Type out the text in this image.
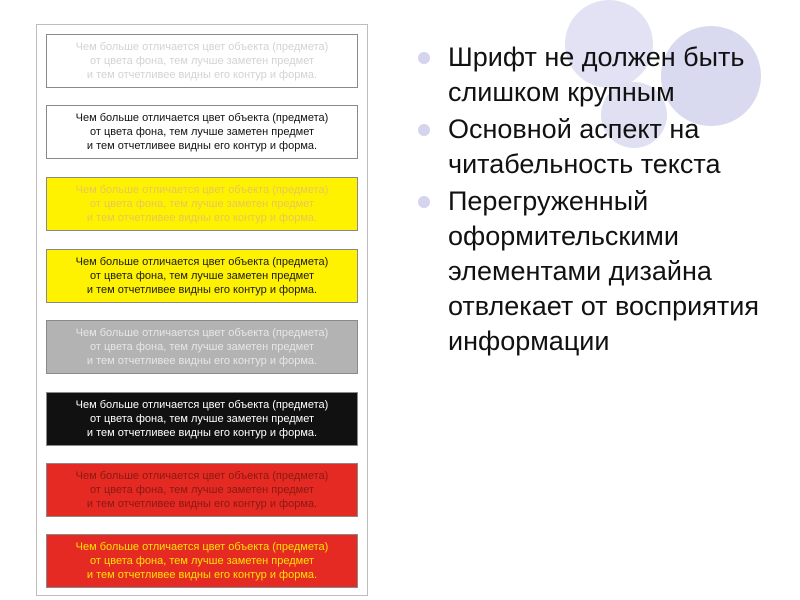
Чем больше отличается цвет объекта (предмета)
от цвета фона, тем лучше заметен предмет
и тем отчетливее видны его контур и форма.
Чем больше отличается цвет объекта (предмета)
от цвета фона, тем лучше заметен предмет
и тем отчетливее видны его контур и форма.
Чем больше отличается цвет объекта (предмета)
от цвета фона, тем лучше заметен предмет
и тем отчетливее видны его контур и форма.
Чем больше отличается цвет объекта (предмета)
от цвета фона, тем лучше заметен предмет
и тем отчетливее видны его контур и форма.
Чем больше отличается цвет объекта (предмета)
от цвета фона, тем лучше заметен предмет
и тем отчетливее видны его контур и форма.
Чем больше отличается цвет объекта (предмета)
от цвета фона, тем лучше заметен предмет
и тем отчетливее видны его контур и форма.
Чем больше отличается цвет объекта (предмета)
от цвета фона, тем лучше заметен предмет
и тем отчетливее видны его контур и форма.
Чем больше отличается цвет объекта (предмета)
от цвета фона, тем лучше заметен предмет
и тем отчетливее видны его контур и форма.
Шрифт не должен быть слишком крупным
Основной аспект на читабельность текста
Перегруженный оформительскими элементами дизайна отвлекает от восприятия информации
